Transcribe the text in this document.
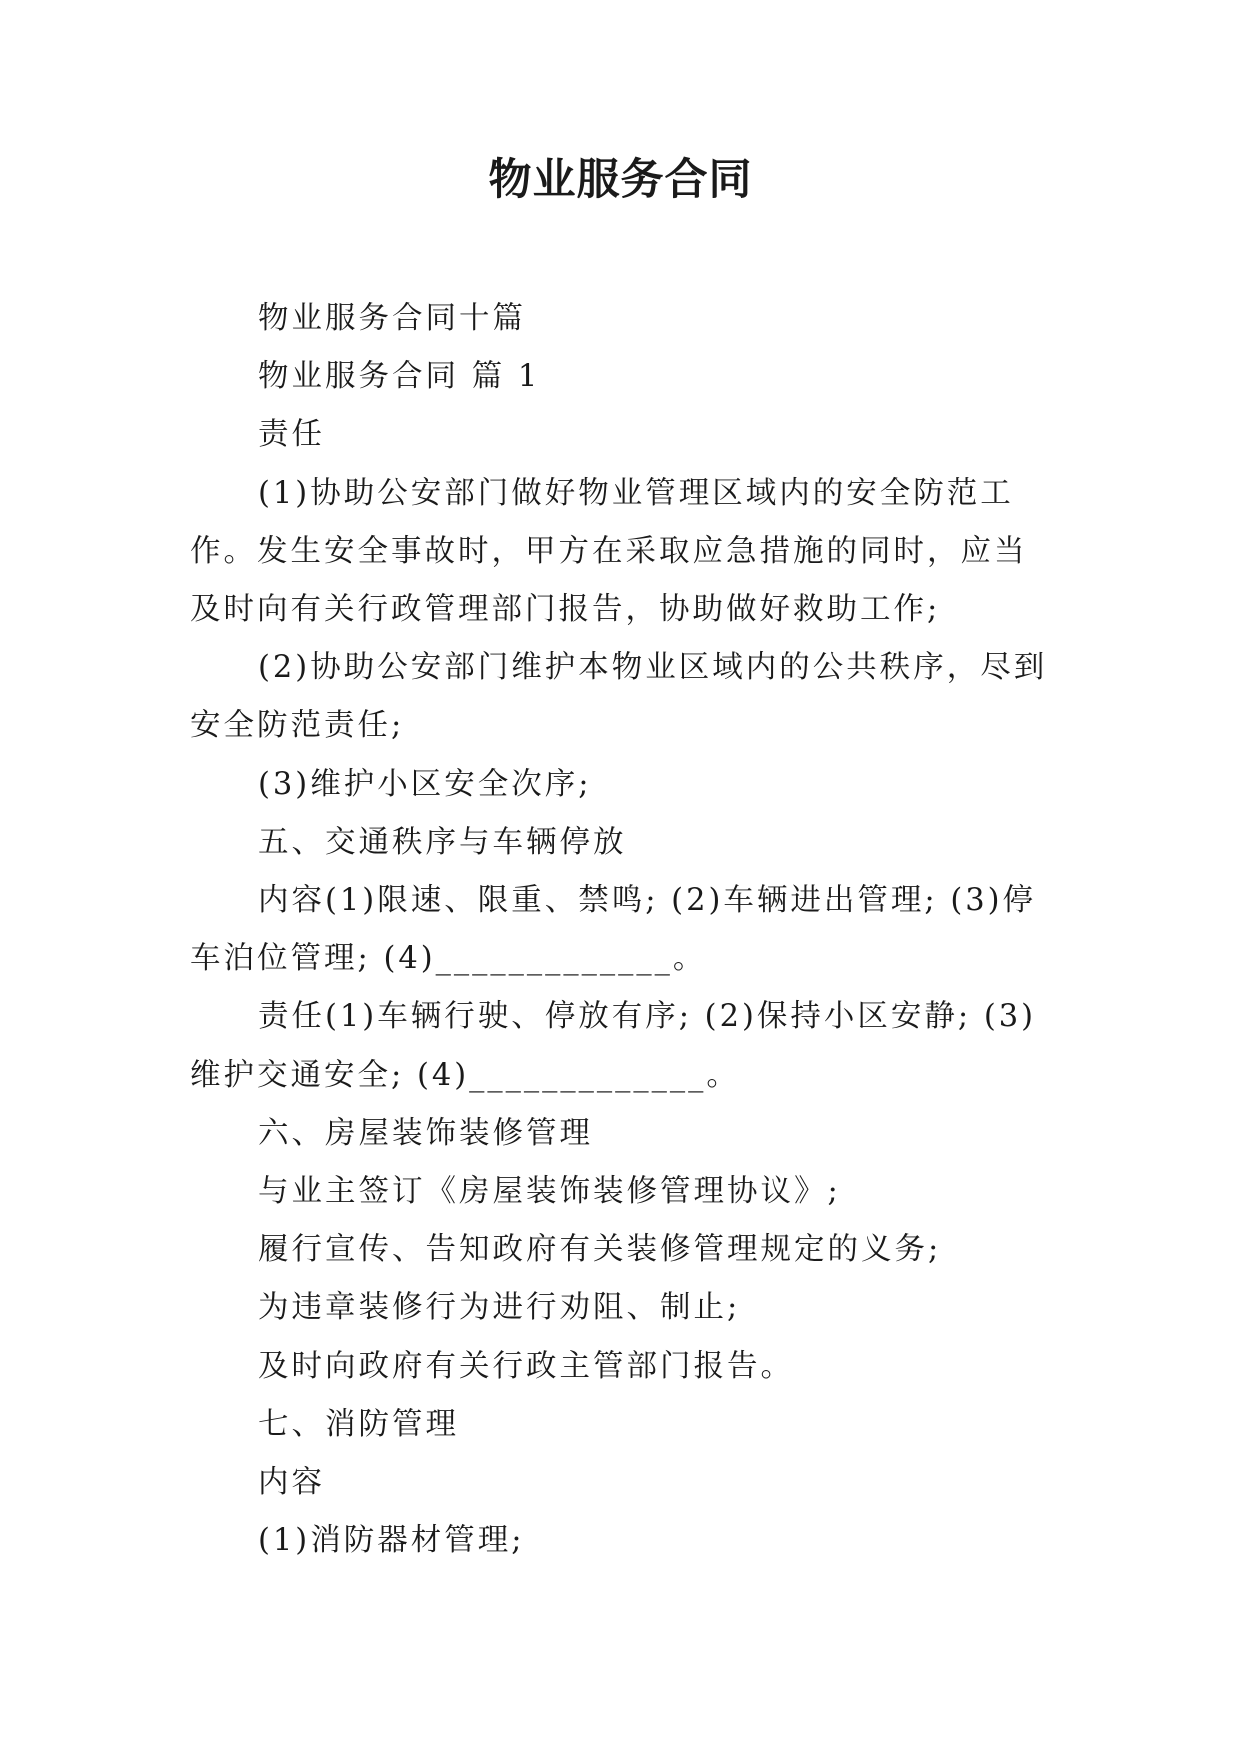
物业服务合同

物业服务合同十篇

物业服务合同 篇 1

责任

(1)协助公安部门做好物业管理区域内的安全防范工作。发生安全事故时，甲方在采取应急措施的同时，应当及时向有关行政管理部门报告，协助做好救助工作;

(2)协助公安部门维护本物业区域内的公共秩序，尽到安全防范责任;

(3)维护小区安全次序;

五、交通秩序与车辆停放

内容(1)限速、限重、禁鸣; (2)车辆进出管理; (3)停车泊位管理; (4)_____________。

责任(1)车辆行驶、停放有序; (2)保持小区安静; (3)维护交通安全; (4)_____________。

六、房屋装饰装修管理

与业主签订《房屋装饰装修管理协议》;

履行宣传、告知政府有关装修管理规定的义务;

为违章装修行为进行劝阻、制止;

及时向政府有关行政主管部门报告。

七、消防管理

内容

(1)消防器材管理;
